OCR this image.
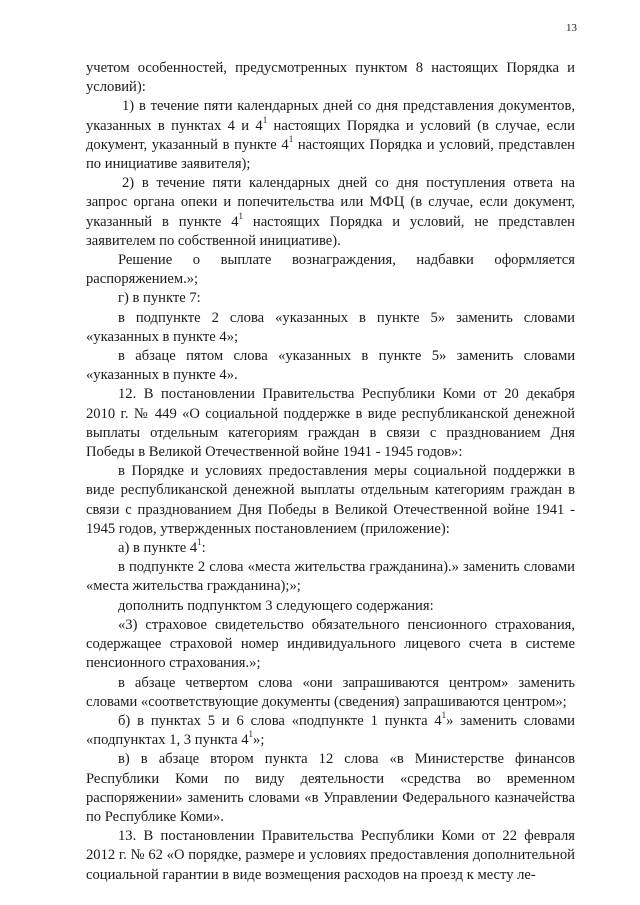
13

учетом особенностей, предусмотренных пунктом 8 настоящих Порядка и условий):

1) в течение пяти календарных дней со дня представления документов, указанных в пунктах 4 и $4^1$ настоящих Порядка и условий (в случае, если документ, указанный в пункте $4^1$ настоящих Порядка и условий, представлен по инициативе заявителя);

2) в течение пяти календарных дней со дня поступления ответа на запрос органа опеки и попечительства или МФЦ (в случае, если документ, указанный в пункте $4^1$ настоящих Порядка и условий, не представлен заявителем по собственной инициативе).

Решение о выплате вознаграждения, надбавки оформляется распоряжением.»;

г) в пункте 7:

в подпункте 2 слова «указанных в пункте 5» заменить словами «указанных в пункте 4»;

в абзаце пятом слова «указанных в пункте 5» заменить словами «указанных в пункте 4».

12. В постановлении Правительства Республики Коми от 20 декабря 2010 г. № 449 «О социальной поддержке в виде республиканской денежной выплаты отдельным категориям граждан в связи с празднованием Дня Победы в Великой Отечественной войне 1941 - 1945 годов»:

в Порядке и условиях предоставления меры социальной поддержки в виде республиканской денежной выплаты отдельным категориям граждан в связи с празднованием Дня Победы в Великой Отечественной войне 1941 - 1945 годов, утвержденных постановлением (приложение):

а) в пункте $4^1$:

в подпункте 2 слова «места жительства гражданина).» заменить словами «места жительства гражданина);»;

дополнить подпунктом 3 следующего содержания:

«3) страховое свидетельство обязательного пенсионного страхования, содержащее страховой номер индивидуального лицевого счета в системе пенсионного страхования.»;

в абзаце четвертом слова «они запрашиваются центром» заменить словами «соответствующие документы (сведения) запрашиваются центром»;

б) в пунктах 5 и 6 слова «подпункте 1 пункта $4^1$» заменить словами «подпунктах 1, 3 пункта $4^1$»;

в) в абзаце втором пункта 12 слова «в Министерстве финансов Республики Коми по виду деятельности «средства во временном распоряжении» заменить словами «в Управлении Федерального казначейства по Республике Коми».

13. В постановлении Правительства Республики Коми от 22 февраля 2012 г. № 62 «О порядке, размере и условиях предоставления дополнительной социальной гарантии в виде возмещения расходов на проезд к месту ле-
